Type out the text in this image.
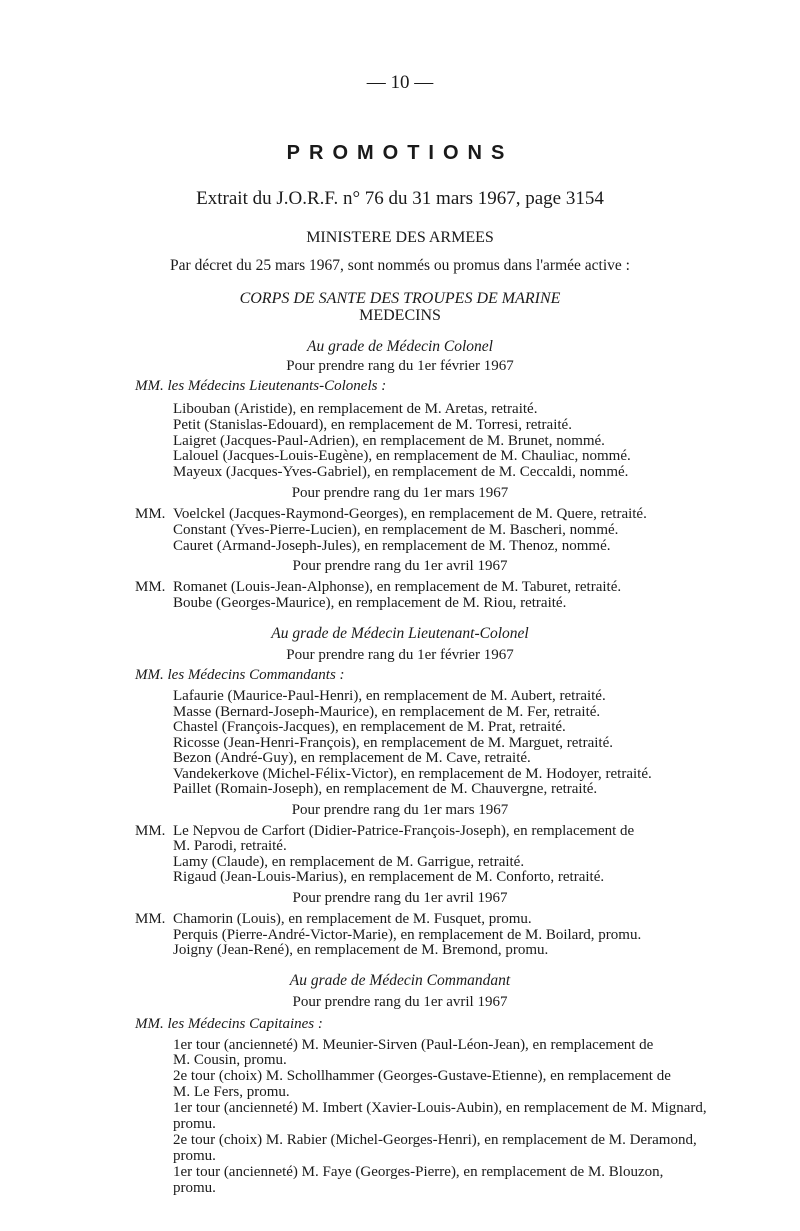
— 10 —
PROMOTIONS
Extrait du J.O.R.F. n° 76 du 31 mars 1967, page 3154
MINISTERE DES ARMEES
Par décret du 25 mars 1967, sont nommés ou promus dans l'armée active :
CORPS DE SANTE DES TROUPES DE MARINE
MEDECINS
Au grade de Médecin Colonel
Pour prendre rang du 1er février 1967
MM. les Médecins Lieutenants-Colonels :
Libouban (Aristide), en remplacement de M. Aretas, retraité.
Petit (Stanislas-Edouard), en remplacement de M. Torresi, retraité.
Laigret (Jacques-Paul-Adrien), en remplacement de M. Brunet, nommé.
Lalouel (Jacques-Louis-Eugène), en remplacement de M. Chauliac, nommé.
Mayeux (Jacques-Yves-Gabriel), en remplacement de M. Ceccaldi, nommé.
Pour prendre rang du 1er mars 1967
MM. Voelckel (Jacques-Raymond-Georges), en remplacement de M. Quere, retraité.
Constant (Yves-Pierre-Lucien), en remplacement de M. Bascheri, nommé.
Cauret (Armand-Joseph-Jules), en remplacement de M. Thenoz, nommé.
Pour prendre rang du 1er avril 1967
MM. Romanet (Louis-Jean-Alphonse), en remplacement de M. Taburet, retraité.
Boube (Georges-Maurice), en remplacement de M. Riou, retraité.
Au grade de Médecin Lieutenant-Colonel
Pour prendre rang du 1er février 1967
MM. les Médecins Commandants :
Lafaurie (Maurice-Paul-Henri), en remplacement de M. Aubert, retraité.
Masse (Bernard-Joseph-Maurice), en remplacement de M. Fer, retraité.
Chastel (François-Jacques), en remplacement de M. Prat, retraité.
Ricosse (Jean-Henri-François), en remplacement de M. Marguet, retraité.
Bezon (André-Guy), en remplacement de M. Cave, retraité.
Vandekerkove (Michel-Félix-Victor), en remplacement de M. Hodoyer, retraité.
Paillet (Romain-Joseph), en remplacement de M. Chauvergne, retraité.
Pour prendre rang du 1er mars 1967
MM. Le Nepvou de Carfort (Didier-Patrice-François-Joseph), en remplacement de
M. Parodi, retraité.
Lamy (Claude), en remplacement de M. Garrigue, retraité.
Rigaud (Jean-Louis-Marius), en remplacement de M. Conforto, retraité.
Pour prendre rang du 1er avril 1967
MM. Chamorin (Louis), en remplacement de M. Fusquet, promu.
Perquis (Pierre-André-Victor-Marie), en remplacement de M. Boilard, promu.
Joigny (Jean-René), en remplacement de M. Bremond, promu.
Au grade de Médecin Commandant
Pour prendre rang du 1er avril 1967
MM. les Médecins Capitaines :
1er tour (ancienneté) M. Meunier-Sirven (Paul-Léon-Jean), en remplacement de
M. Cousin, promu.
2e tour (choix) M. Schollhammer (Georges-Gustave-Etienne), en remplacement de
M. Le Fers, promu.
1er tour (ancienneté) M. Imbert (Xavier-Louis-Aubin), en remplacement de M. Mignard,
promu.
2e tour (choix) M. Rabier (Michel-Georges-Henri), en remplacement de M. Deramond,
promu.
1er tour (ancienneté) M. Faye (Georges-Pierre), en remplacement de M. Blouzon,
promu.
